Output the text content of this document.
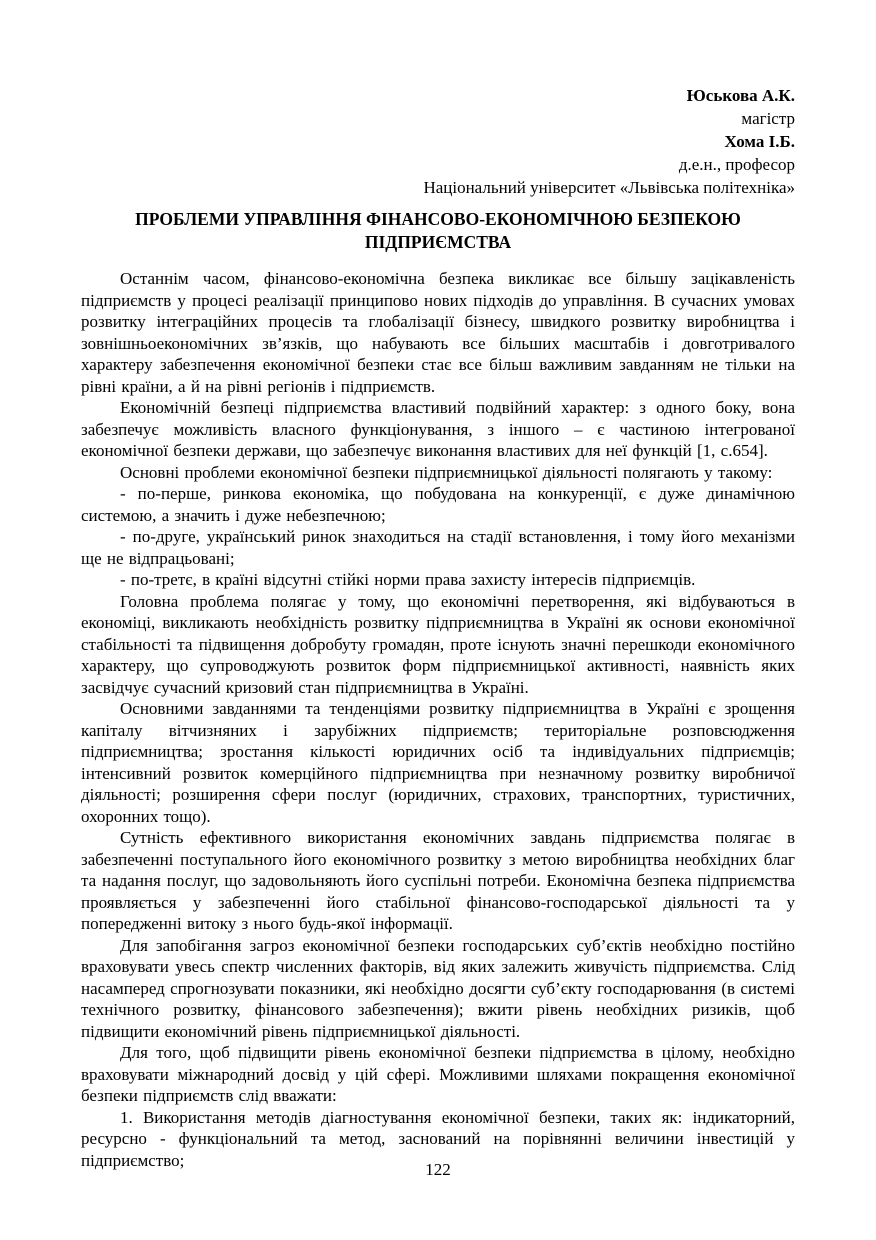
Юськова А.К.
магістр
Хома І.Б.
д.е.н., професор
Національний університет «Львівська політехніка»
ПРОБЛЕМИ УПРАВЛІННЯ ФІНАНСОВО-ЕКОНОМІЧНОЮ БЕЗПЕКОЮ ПІДПРИЄМСТВА

Останнім часом, фінансово-економічна безпека викликає все більшу зацікавленість підприємств у процесі реалізації принципово нових підходів до управління. В сучасних умовах розвитку інтеграційних процесів та глобалізації бізнесу, швидкого розвитку виробництва і зовнішньоекономічних зв’язків, що набувають все більших масштабів і довготривалого характеру забезпечення економічної безпеки стає все більш важливим завданням не тільки на рівні країни, а й на рівні регіонів і підприємств.

Економічній безпеці підприємства властивий подвійний характер: з одного боку, вона забезпечує можливість власного функціонування, з іншого – є частиною інтегрованої економічної безпеки держави, що забезпечує виконання властивих для неї функцій [1, с.654].

Основні проблеми економічної безпеки підприємницької діяльності полягають у такому:

- по-перше, ринкова економіка, що побудована на конкуренції, є дуже динамічною системою, а значить і дуже небезпечною;

- по-друге, український ринок знаходиться на стадії встановлення, і тому його механізми ще не відпрацьовані;

- по-третє, в країні відсутні стійкі норми права захисту інтересів підприємців.

Головна проблема полягає у тому, що економічні перетворення, які відбуваються в економіці, викликають необхідність розвитку підприємництва в Україні як основи економічної стабільності та підвищення добробуту громадян, проте існують значні перешкоди економічного характеру, що супроводжують розвиток форм підприємницької активності, наявність яких засвідчує сучасний кризовий стан підприємництва в Україні.

Основними завданнями та тенденціями розвитку підприємництва в Україні є зрощення капіталу вітчизняних і зарубіжних підприємств; територіальне розповсюдження підприємництва; зростання кількості юридичних осіб та індивідуальних підприємців; інтенсивний розвиток комерційного підприємництва при незначному розвитку виробничої діяльності; розширення сфери послуг (юридичних, страхових, транспортних, туристичних, охоронних тощо).

Сутність ефективного використання економічних завдань підприємства полягає в забезпеченні поступального його економічного розвитку з метою виробництва необхідних благ та надання послуг, що задовольняють його суспільні потреби. Економічна безпека підприємства проявляється у забезпеченні його стабільної фінансово-господарської діяльності та у попередженні витоку з нього будь-якої інформації.

Для запобігання загроз економічної безпеки господарських суб’єктів необхідно постійно враховувати увесь спектр численних факторів, від яких залежить живучість підприємства. Слід насамперед спрогнозувати показники, які необхідно досягти суб’єкту господарювання (в системі технічного розвитку, фінансового забезпечення); вжити рівень необхідних ризиків, щоб підвищити економічний рівень підприємницької діяльності.

Для того, щоб підвищити рівень економічної безпеки підприємства в цілому, необхідно враховувати міжнародний досвід у цій сфері. Можливими шляхами покращення економічної безпеки підприємств слід вважати:

1. Використання методів діагностування економічної безпеки, таких як: індикаторний, ресурсно - функціональний та метод, заснований на порівнянні величини інвестицій у підприємство;	122
